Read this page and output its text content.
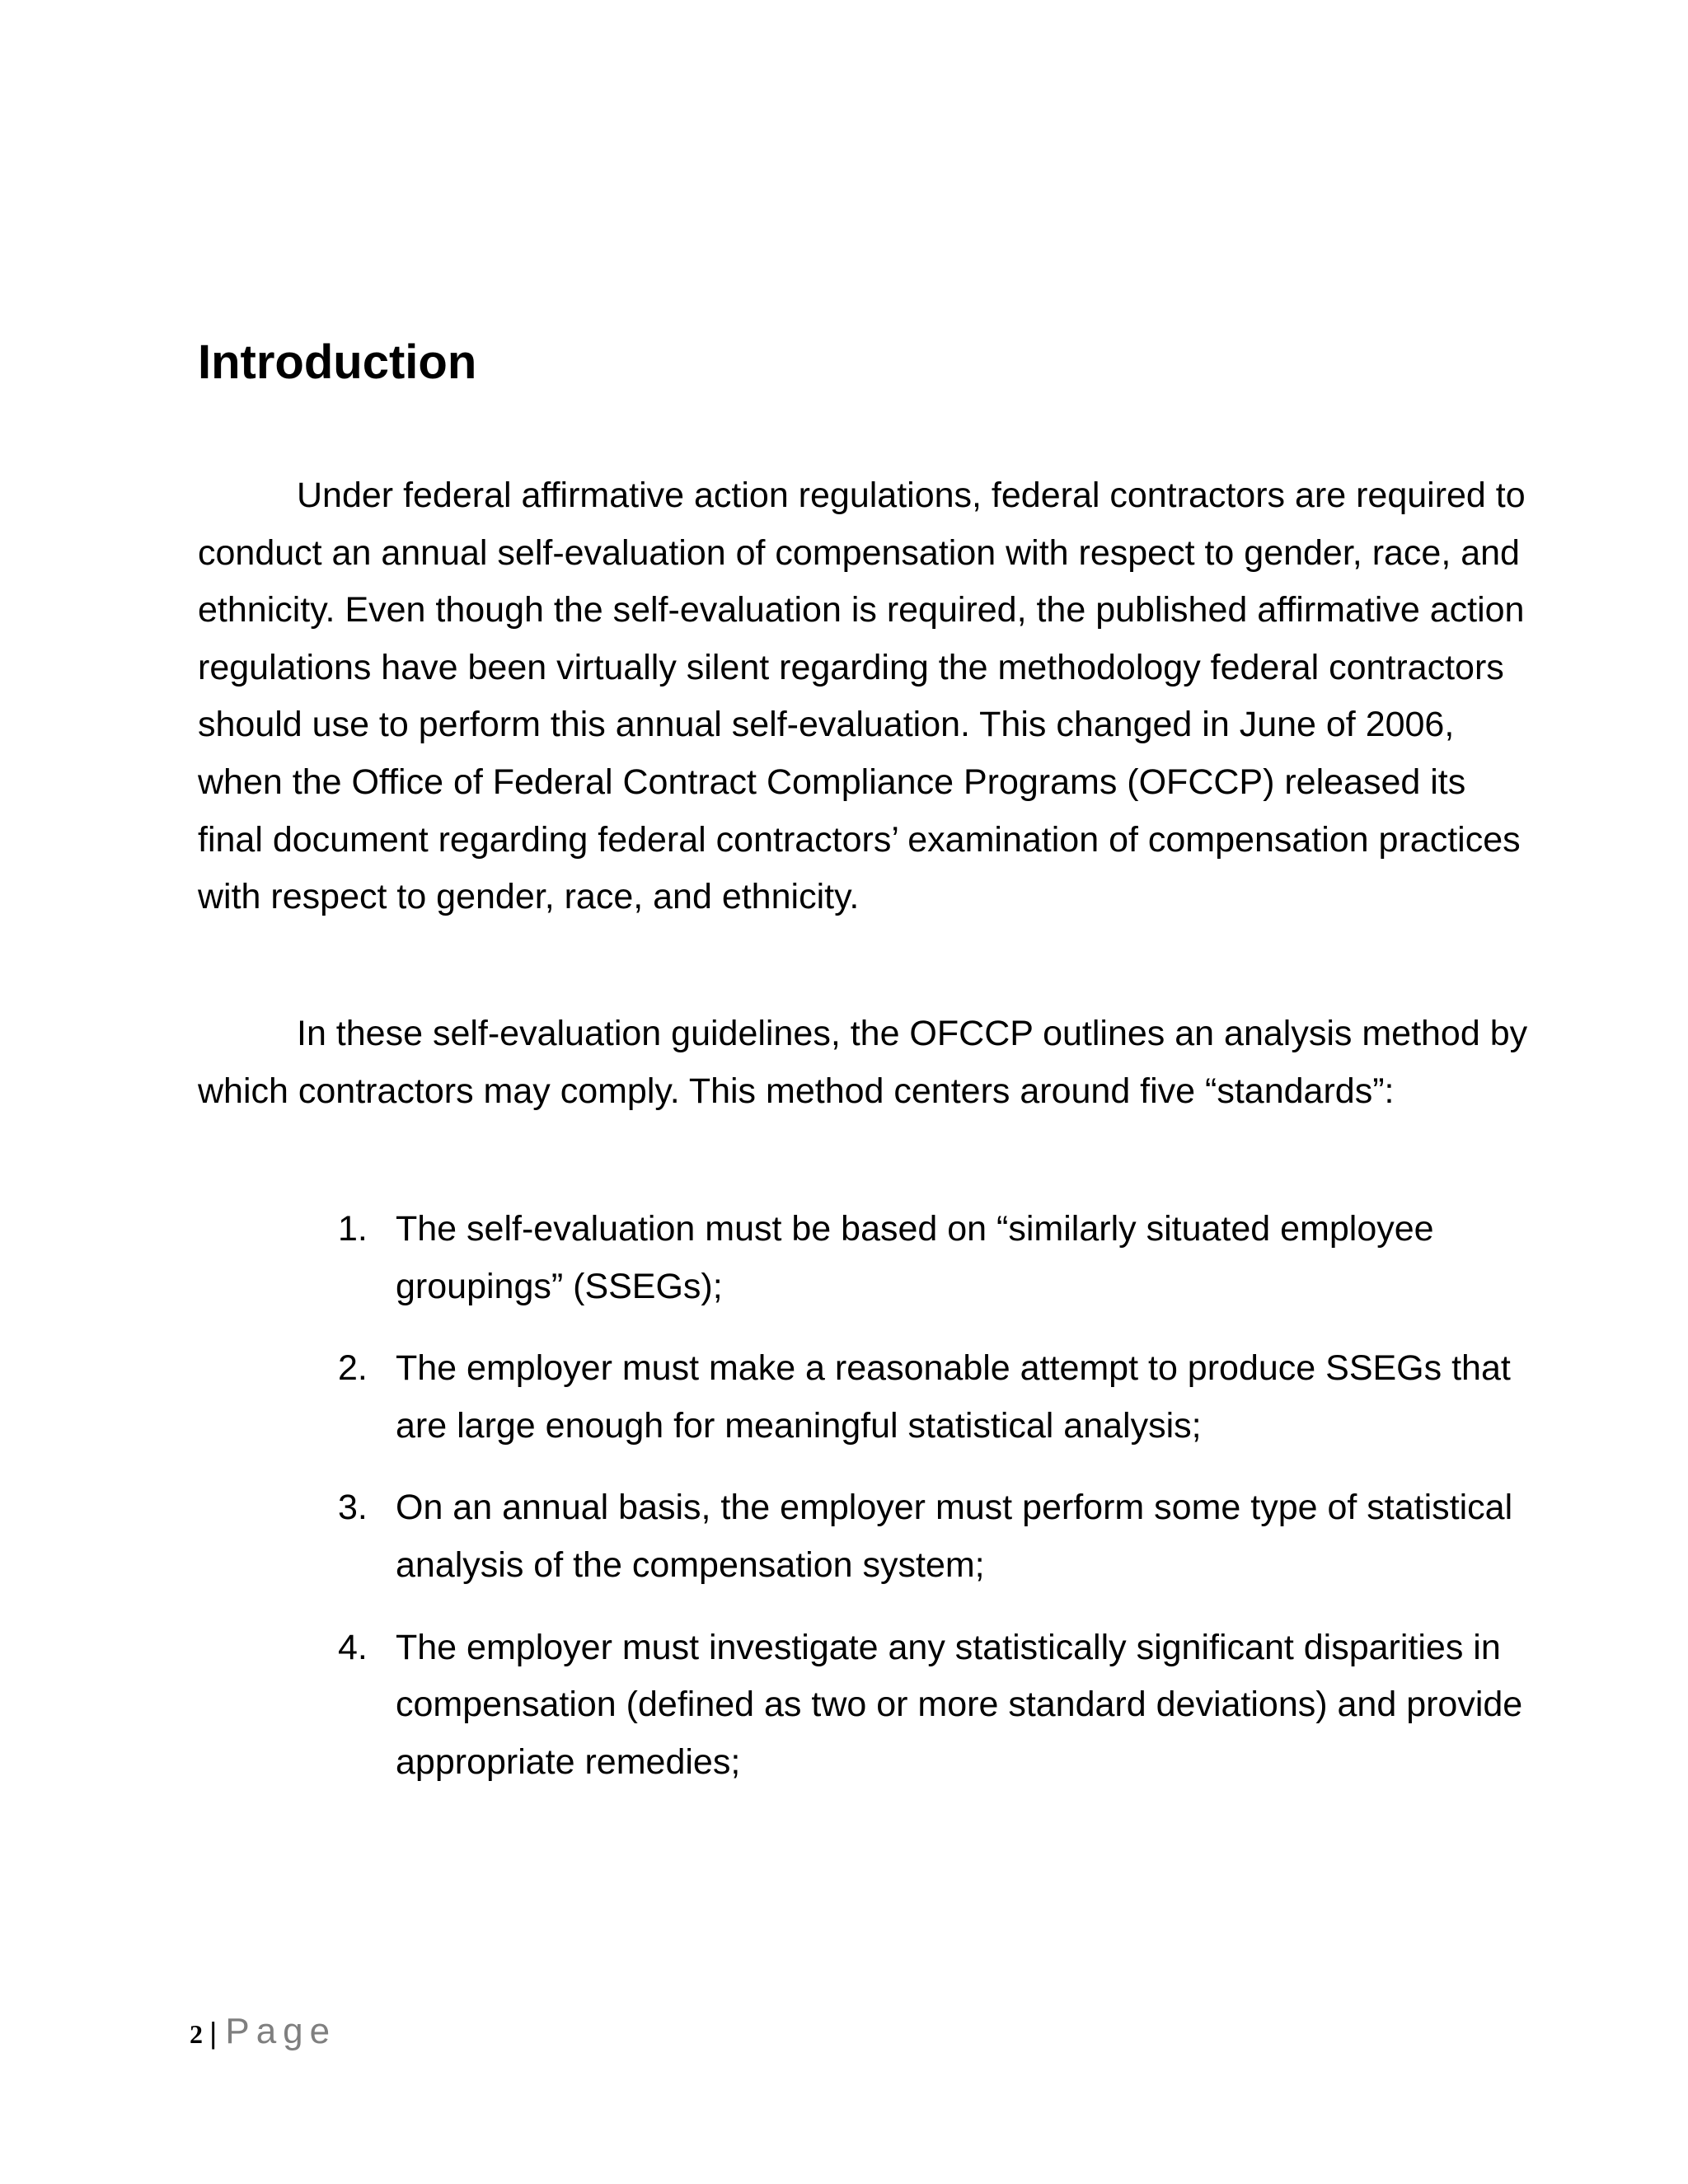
Introduction

Under federal affirmative action regulations, federal contractors are required to conduct an annual self-evaluation of compensation with respect to gender, race, and ethnicity. Even though the self-evaluation is required, the published affirmative action regulations have been virtually silent regarding the methodology federal contractors should use to perform this annual self-evaluation. This changed in June of 2006, when the Office of Federal Contract Compliance Programs (OFCCP) released its final document regarding federal contractors’ examination of compensation practices with respect to gender, race, and ethnicity.

In these self-evaluation guidelines, the OFCCP outlines an analysis method by which contractors may comply. This method centers around five “standards”:

1. The self-evaluation must be based on “similarly situated employee groupings” (SSEGs);
2. The employer must make a reasonable attempt to produce SSEGs that are large enough for meaningful statistical analysis;
3. On an annual basis, the employer must perform some type of statistical analysis of the compensation system;
4. The employer must investigate any statistically significant disparities in compensation (defined as two or more standard deviations) and provide appropriate remedies;
2 | Page
